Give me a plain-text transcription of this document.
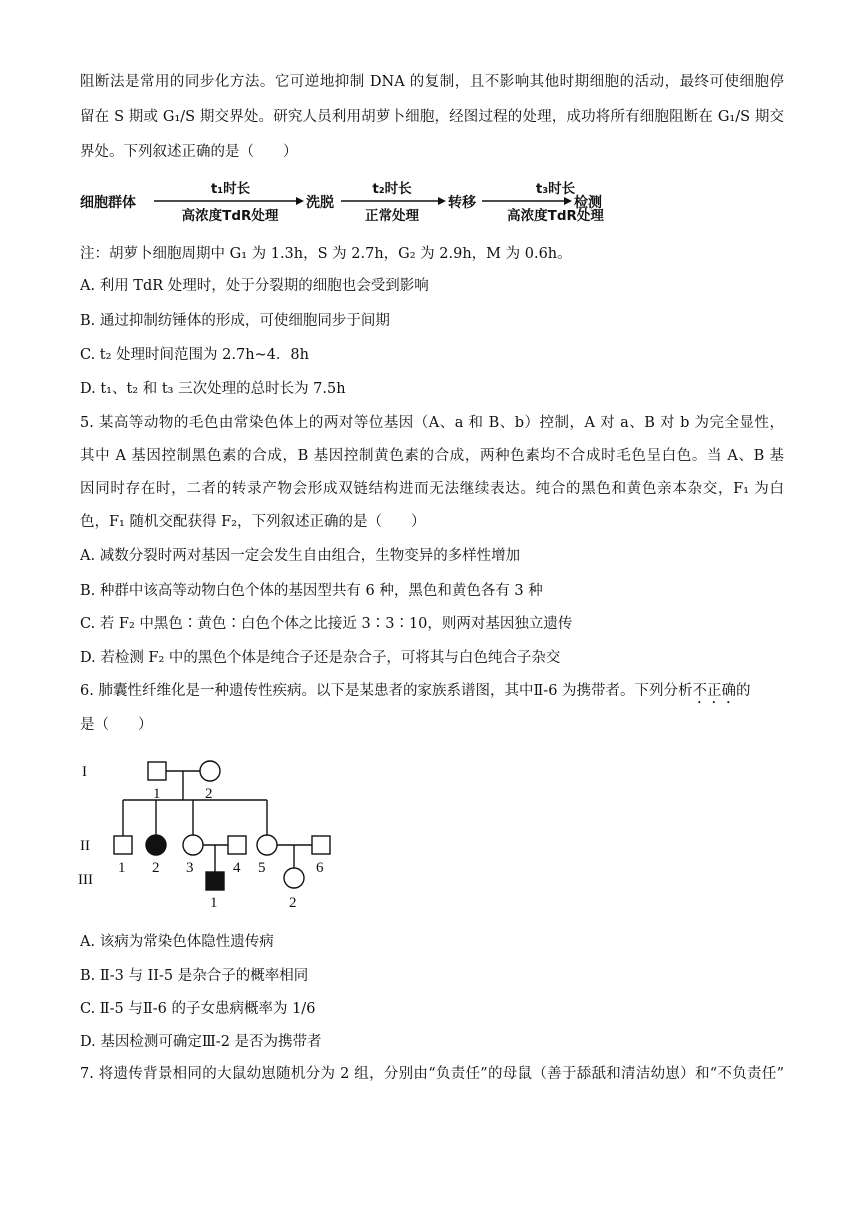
阻断法是常用的同步化方法。它可逆地抑制 DNA 的复制，且不影响其他时期细胞的活动，最终可使细胞停
留在 S 期或 G₁/S 期交界处。研究人员利用胡萝卜细胞，经图过程的处理，成功将所有细胞阻断在 G₁/S 期交
界处。下列叙述正确的是（　　）
细胞群体
t₁时长
高浓度TdR处理
洗脱
t₂时长
正常处理
转移
t₃时长
高浓度TdR处理
检测
注：胡萝卜细胞周期中 G₁ 为 1.3h，S 为 2.7h，G₂ 为 2.9h，M 为 0.6h。
A. 利用 TdR 处理时，处于分裂期的细胞也会受到影响
B. 通过抑制纺锤体的形成，可使细胞同步于间期
C. t₂ 处理时间范围为 2.7h~4．8h
D. t₁、t₂ 和 t₃ 三次处理的总时长为 7.5h
5. 某高等动物的毛色由常染色体上的两对等位基因（A、a 和 B、b）控制，A 对 a、B 对 b 为完全显性，
其中 A 基因控制黑色素的合成，B 基因控制黄色素的合成，两种色素均不合成时毛色呈白色。当 A、B 基
因同时存在时，二者的转录产物会形成双链结构进而无法继续表达。纯合的黑色和黄色亲本杂交，F₁ 为白
色，F₁ 随机交配获得 F₂，下列叙述正确的是（　　）
A. 减数分裂时两对基因一定会发生自由组合，生物变异的多样性增加
B. 种群中该高等动物白色个体的基因型共有 6 种，黑色和黄色各有 3 种
C. 若 F₂ 中黑色∶黄色∶白色个体之比接近 3∶3∶10，则两对基因独立遗传
D. 若检测 F₂ 中的黑色个体是纯合子还是杂合子，可将其与白色纯合子杂交
6. 肺囊性纤维化是一种遗传性疾病。以下是某患者的家族系谱图，其中Ⅱ-6 为携带者。下列分析不正确的
是（　　）
I
II
III
1	2
1 2 3	4 5	6
1	2
A. 该病为常染色体隐性遗传病
B. Ⅱ-3 与 II-5 是杂合子的概率相同
C. Ⅱ-5 与Ⅱ-6 的子女患病概率为 1/6
D. 基因检测可确定Ⅲ-2 是否为携带者
7. 将遗传背景相同的大鼠幼崽随机分为 2 组，分别由“负责任”的母鼠（善于舔舐和清洁幼崽）和“不负责任”
